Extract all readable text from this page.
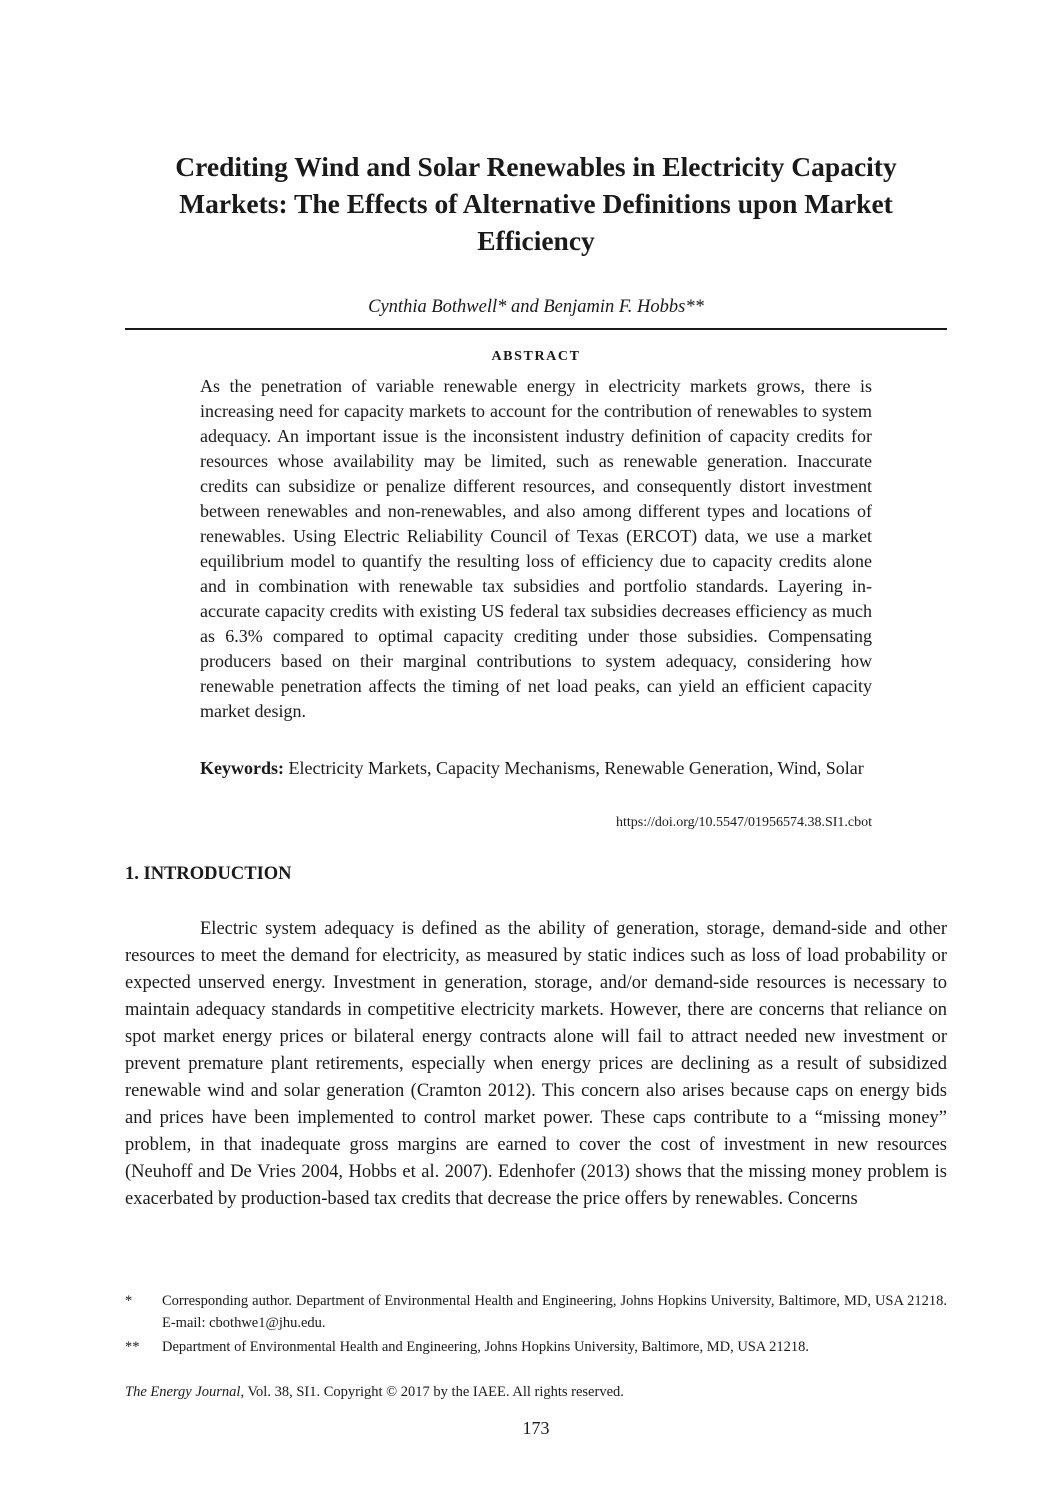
Crediting Wind and Solar Renewables in Electricity Capacity Markets: The Effects of Alternative Definitions upon Market Efficiency
Cynthia Bothwell* and Benjamin F. Hobbs**
ABSTRACT

As the penetration of variable renewable energy in electricity markets grows, there is increasing need for capacity markets to account for the contribution of renewables to system adequacy. An important issue is the inconsistent industry definition of capacity credits for resources whose availability may be limited, such as renewable generation. Inaccurate credits can subsidize or penalize different resources, and consequently distort investment between renewables and non-renewables, and also among different types and locations of renewables. Using Electric Reliability Council of Texas (ERCOT) data, we use a market equilibrium model to quantify the resulting loss of efficiency due to capacity credits alone and in combination with renewable tax subsidies and portfolio standards. Layering inaccurate capacity credits with existing US federal tax subsidies decreases efficiency as much as 6.3% compared to optimal capacity crediting under those subsidies. Compensating producers based on their marginal contributions to system adequacy, considering how renewable penetration affects the timing of net load peaks, can yield an efficient capacity market design.

Keywords: Electricity Markets, Capacity Mechanisms, Renewable Generation, Wind, Solar

https://doi.org/10.5547/01956574.38.SI1.cbot
1. INTRODUCTION

Electric system adequacy is defined as the ability of generation, storage, demand-side and other resources to meet the demand for electricity, as measured by static indices such as loss of load probability or expected unserved energy. Investment in generation, storage, and/or demand-side resources is necessary to maintain adequacy standards in competitive electricity markets. However, there are concerns that reliance on spot market energy prices or bilateral energy contracts alone will fail to attract needed new investment or prevent premature plant retirements, especially when energy prices are declining as a result of subsidized renewable wind and solar generation (Cramton 2012). This concern also arises because caps on energy bids and prices have been implemented to control market power. These caps contribute to a “missing money” problem, in that inadequate gross margins are earned to cover the cost of investment in new resources (Neuhoff and De Vries 2004, Hobbs et al. 2007). Edenhofer (2013) shows that the missing money problem is exacerbated by production-based tax credits that decrease the price offers by renewables. Concerns

*	Corresponding author. Department of Environmental Health and Engineering, Johns Hopkins University, Baltimore, MD, USA 21218. E-mail: cbothwe1@jhu.edu.
**	Department of Environmental Health and Engineering, Johns Hopkins University, Baltimore, MD, USA 21218.
The Energy Journal, Vol. 38, SI1. Copyright © 2017 by the IAEE. All rights reserved.
173
